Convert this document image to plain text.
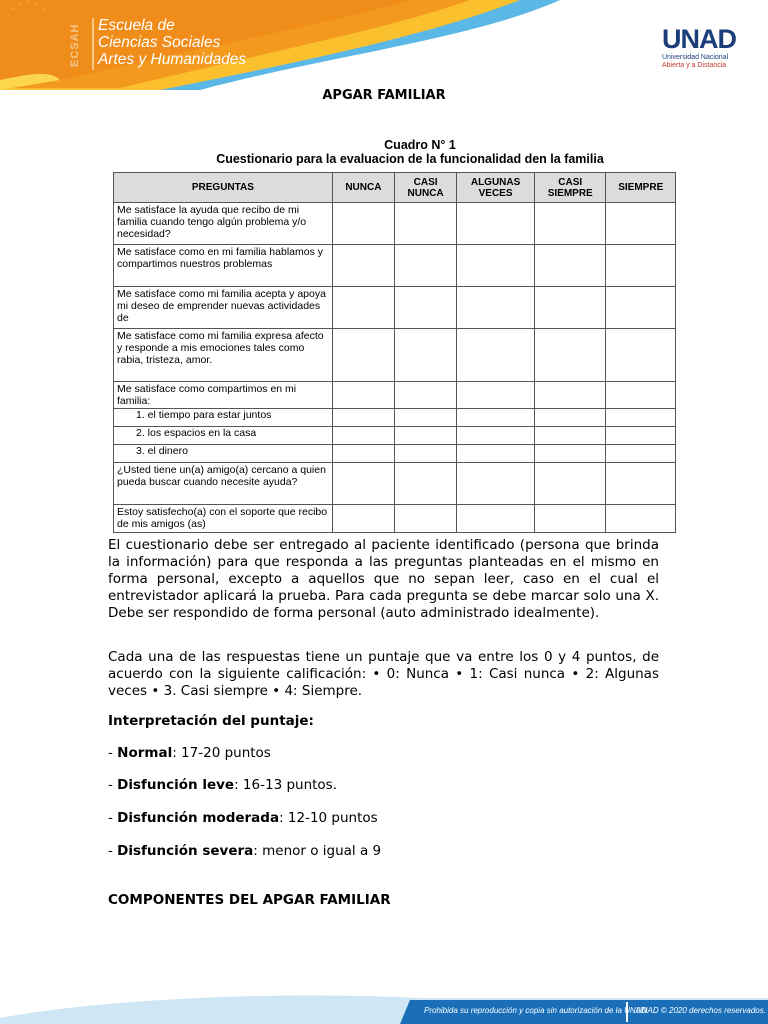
ECSAH	Escuela de
Ciencias Sociales
Artes y Humanidades
UNAD
Universidad Nacional
Abierta y a Distancia
APGAR FAMILIAR
Cuadro N° 1
Cuestionario para la evaluacion de la funcionalidad den la familia
PREGUNTAS	NUNCA	CASI NUNCA	ALGUNAS VECES	CASI SIEMPRE	SIEMPRE
Me satisface la ayuda que recibo de mi familia cuando tengo algún problema y/o necesidad?					
Me satisface como en mi familia hablamos y compartimos nuestros problemas					
Me satisface como mi familia acepta y apoya mi deseo de emprender nuevas actividades de					
Me satisface como mi familia expresa afecto y responde a mis emociones tales como rabia, tristeza, amor.					
Me satisface como compartimos en mi familia:					
1. el tiempo para estar juntos					
2. los espacios en la casa					
3. el dinero					
¿Usted tiene un(a) amigo(a) cercano a quien pueda buscar cuando necesite ayuda?					
Estoy satisfecho(a) con el soporte que recibo de mis amigos (as)					
El cuestionario debe ser entregado al paciente identificado (persona que brinda la información) para que responda a las preguntas planteadas en el mismo en forma personal, excepto a aquellos que no sepan leer, caso en el cual el entrevistador aplicará la prueba. Para cada pregunta se debe marcar solo una X. Debe ser respondido de forma personal (auto administrado idealmente).
Cada una de las respuestas tiene un puntaje que va entre los 0 y 4 puntos, de acuerdo con la siguiente calificación: • 0: Nunca • 1: Casi nunca • 2: Algunas veces • 3. Casi siempre • 4: Siempre.
Interpretación del puntaje:
- Normal: 17-20 puntos
- Disfunción leve: 16-13 puntos.
- Disfunción moderada: 12-10 puntos
- Disfunción severa: menor o igual a 9
COMPONENTES DEL APGAR FAMILIAR
Prohibida su reproducción y copia sin autorización de la UNAD.
UNAD © 2020 derechos reservados.
